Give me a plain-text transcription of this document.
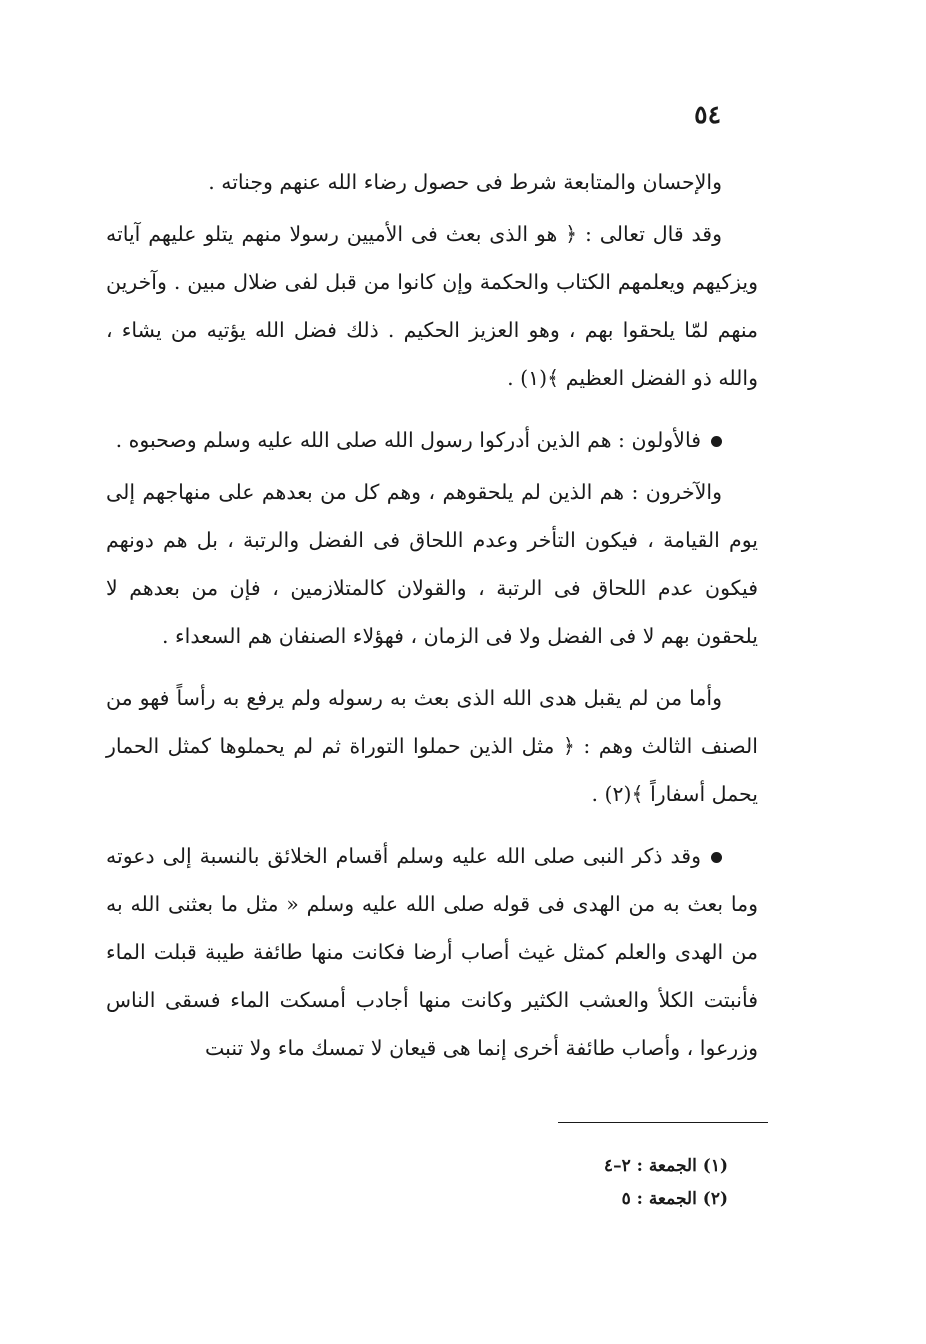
٥٤

والإحسان والمتابعة شرط فى حصول رضاء الله عنهم وجناته .

وقد قال تعالى : ﴿ هو الذى بعث فى الأميين رسولا منهم يتلو عليهم آياته ويزكيهم ويعلمهم الكتاب والحكمة وإن كانوا من قبل لفى ضلال مبين . وآخرين منهم لمّا يلحقوا بهم ، وهو العزيز الحكيم . ذلك فضل الله يؤتيه من يشاء ، والله ذو الفضل العظيم ﴾(١) .

فالأولون : هم الذين أدركوا رسول الله صلى الله عليه وسلم وصحبوه .

والآخرون : هم الذين لم يلحقوهم ، وهم كل من بعدهم على منهاجهم إلى يوم القيامة ، فيكون التأخر وعدم اللحاق فى الفضل والرتبة ، بل هم دونهم فيكون عدم اللحاق فى الرتبة ، والقولان كالمتلازمين ، فإن من بعدهم لا يلحقون بهم لا فى الفضل ولا فى الزمان ، فهؤلاء الصنفان هم السعداء .

وأما من لم يقبل هدى الله الذى بعث به رسوله ولم يرفع به رأساً فهو من الصنف الثالث وهم : ﴿ مثل الذين حملوا التوراة ثم لم يحملوها كمثل الحمار يحمل أسفاراً ﴾(٢) .

وقد ذكر النبى صلى الله عليه وسلم أقسام الخلائق بالنسبة إلى دعوته وما بعث به من الهدى فى قوله صلى الله عليه وسلم « مثل ما بعثنى الله به من الهدى والعلم كمثل غيث أصاب أرضا فكانت منها طائفة طيبة قبلت الماء فأنبتت الكلأ والعشب الكثير وكانت منها أجادب أمسكت الماء فسقى الناس وزرعوا ، وأصاب طائفة أخرى إنما هى قيعان لا تمسك ماء ولا تنبت

(١) الجمعة : ٢–٤
(٢) الجمعة : ٥
